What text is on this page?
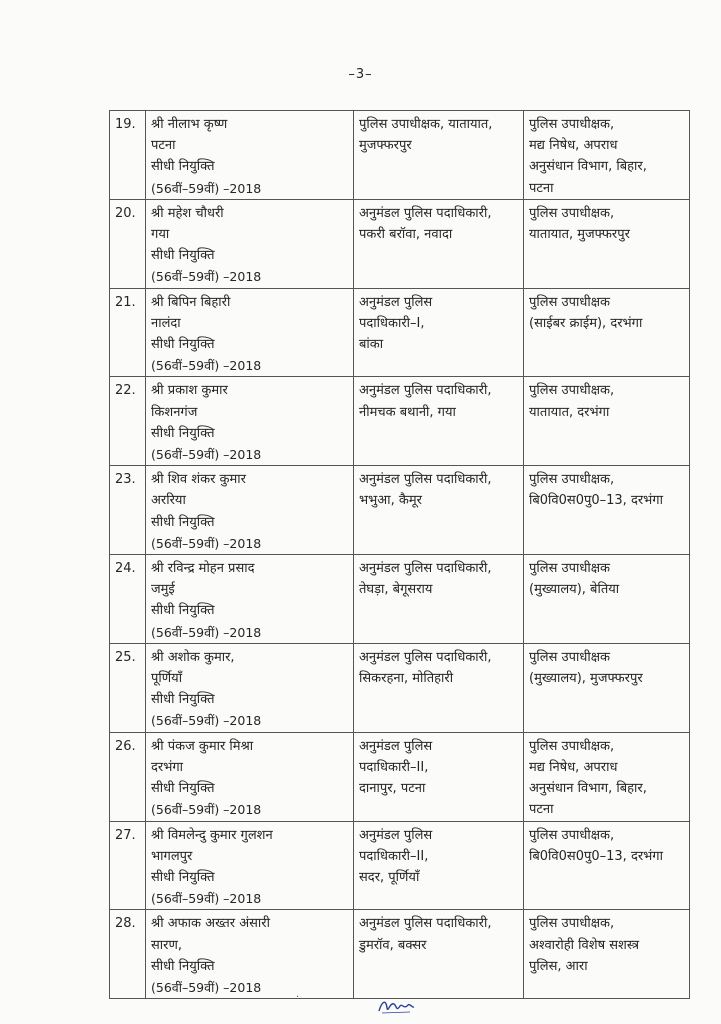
–3–
19.	श्री नीलाभ कृष्ण
पटना
सीधी नियुक्ति
(56वीं–59वीं) –2018	पुलिस उपाधीक्षक, यातायात,
मुजफ्फरपुर	पुलिस उपाधीक्षक,
मद्य निषेध, अपराध
अनुसंधान विभाग, बिहार,
पटना

20.	श्री महेश चौधरी
गया
सीधी नियुक्ति
(56वीं–59वीं) –2018	अनुमंडल पुलिस पदाधिकारी,
पकरी बरॉवा, नवादा	पुलिस उपाधीक्षक,
यातायात, मुजफ्फरपुर

21.	श्री बिपिन बिहारी
नालंदा
सीधी नियुक्ति
(56वीं–59वीं) –2018	अनुमंडल पुलिस
पदाधिकारी–I,
बांका	पुलिस उपाधीक्षक
(साईबर क्राईम), दरभंगा

22.	श्री प्रकाश कुमार
किशनगंज
सीधी नियुक्ति
(56वीं–59वीं) –2018	अनुमंडल पुलिस पदाधिकारी,
नीमचक बथानी, गया	पुलिस उपाधीक्षक,
यातायात, दरभंगा

23.	श्री शिव शंकर कुमार
अररिया
सीधी नियुक्ति
(56वीं–59वीं) –2018	अनुमंडल पुलिस पदाधिकारी,
भभुआ, कैमूर	पुलिस उपाधीक्षक,
बि0वि0स0पु0–13, दरभंगा

24.	श्री रविन्द्र मोहन प्रसाद
जमुई
सीधी नियुक्ति
(56वीं–59वीं) –2018	अनुमंडल पुलिस पदाधिकारी,
तेघड़ा, बेगूसराय	पुलिस उपाधीक्षक
(मुख्यालय), बेतिया

25.	श्री अशोक कुमार,
पूर्णियाँ
सीधी नियुक्ति
(56वीं–59वीं) –2018	अनुमंडल पुलिस पदाधिकारी,
सिकरहना, मोतिहारी	पुलिस उपाधीक्षक
(मुख्यालय), मुजफ्फरपुर

26.	श्री पंकज कुमार मिश्रा
दरभंगा
सीधी नियुक्ति
(56वीं–59वीं) –2018	अनुमंडल पुलिस
पदाधिकारी–II,
दानापुर, पटना	पुलिस उपाधीक्षक,
मद्य निषेध, अपराध
अनुसंधान विभाग, बिहार,
पटना

27.	श्री विमलेन्दु कुमार गुलशन
भागलपुर
सीधी नियुक्ति
(56वीं–59वीं) –2018	अनुमंडल पुलिस
पदाधिकारी–II,
सदर, पूर्णियाँ	पुलिस उपाधीक्षक,
बि0वि0स0पु0–13, दरभंगा

28.	श्री अफाक अख्तर अंसारी
सारण,
सीधी नियुक्ति
(56वीं–59वीं) –2018	अनुमंडल पुलिस पदाधिकारी,
डुमरॉव, बक्सर	पुलिस उपाधीक्षक,
अश्वारोही विशेष सशस्त्र
पुलिस, आरा
·
